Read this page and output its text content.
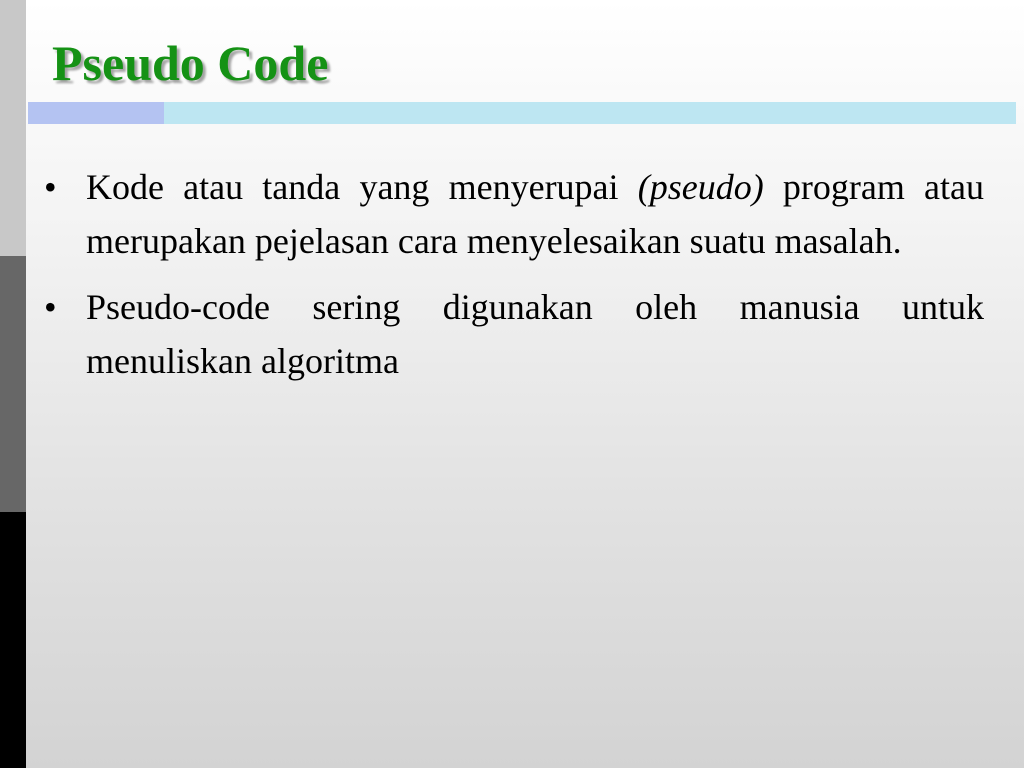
Pseudo Code
•
Kode atau tanda yang menyerupai (pseudo) program atau merupakan pejelasan cara menyelesaikan suatu masalah.
•
Pseudo-code sering digunakan oleh manusia untuk menuliskan algoritma
